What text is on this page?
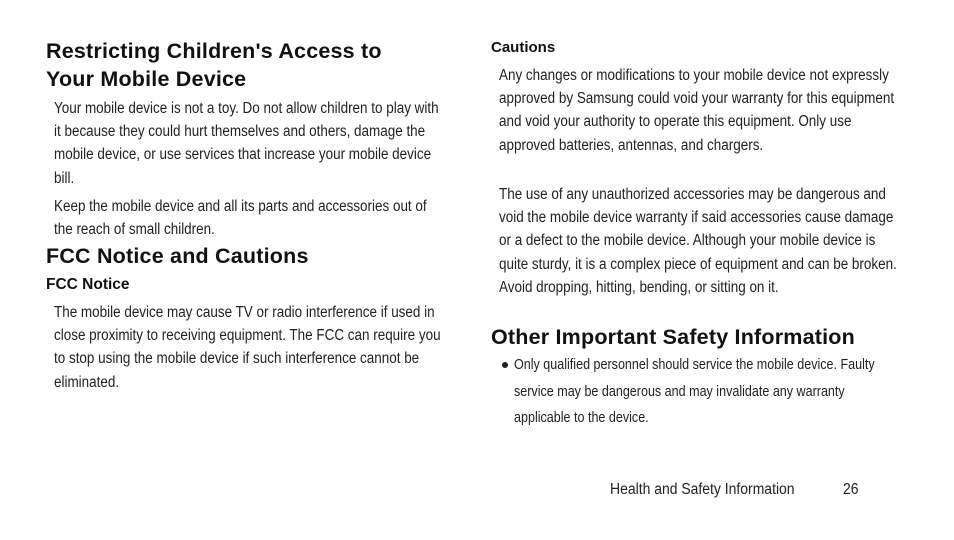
Restricting Children's Access to
Your Mobile Device

Your mobile device is not a toy. Do not allow children to play with it because they could hurt themselves and others, damage the mobile device, or use services that increase your mobile device bill.

Keep the mobile device and all its parts and accessories out of the reach of small children.

FCC Notice and Cautions
FCC Notice

The mobile device may cause TV or radio interference if used in close proximity to receiving equipment. The FCC can require you to stop using the mobile device if such interference cannot be eliminated.

Cautions

Any changes or modifications to your mobile device not expressly approved by Samsung could void your warranty for this equipment and void your authority to operate this equipment. Only use approved batteries, antennas, and chargers.

The use of any unauthorized accessories may be dangerous and void the mobile device warranty if said accessories cause damage or a defect to the mobile device. Although your mobile device is quite sturdy, it is a complex piece of equipment and can be broken. Avoid dropping, hitting, bending, or sitting on it.

Other Important Safety Information

Only qualified personnel should service the mobile device. Faulty service may be dangerous and may invalidate any warranty applicable to the device.

Health and Safety Information	26
